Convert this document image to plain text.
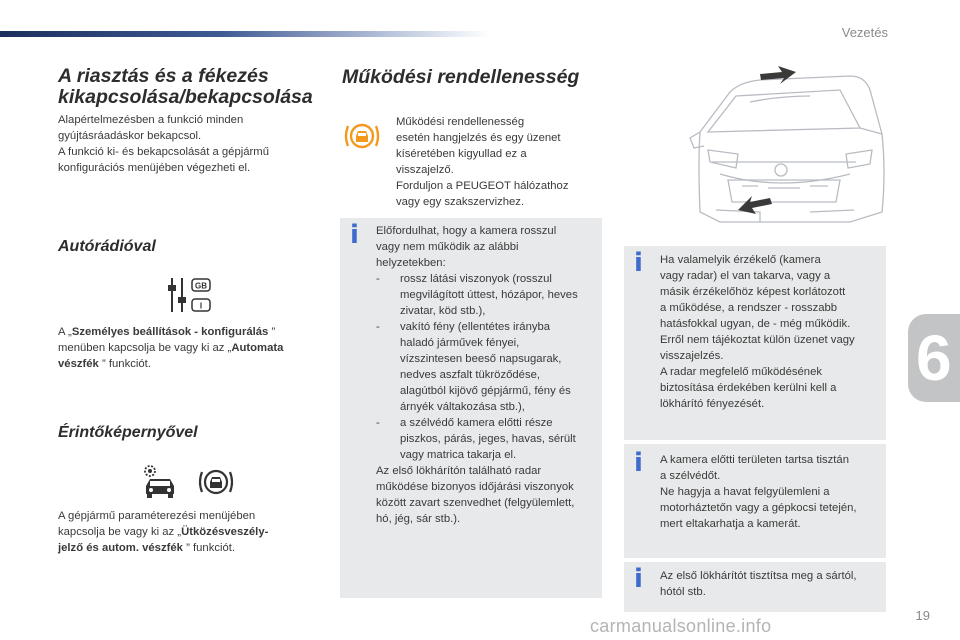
Vezetés
6
A riasztás és a fékezés
kikapcsolása/bekapcsolása

Alapértelmezésben a funkció minden
gyújtásráadáskor bekapcsol.
A funkció ki- és bekapcsolását a gépjármű
konfigurációs menüjében végezheti el.

Autórádióval
GB
I

A „Személyes beállítások - konfigurálás ”
menüben kapcsolja be vagy ki az „Automata
vészfék ” funkciót.

Érintőképernyővel

A gépjármű paraméterezési menüjében
kapcsolja be vagy ki az „Ütközésveszély-
jelző és autom. vészfék ” funkciót.

Működési rendellenesség
Működési rendellenesség
esetén hangjelzés és egy üzenet
kíséretében kigyullad ez a
visszajelző.
Forduljon a PEUGEOT hálózathoz
vagy egy szakszervizhez.
i Előfordulhat, hogy a kamera rosszul
vagy nem működik az alábbi
helyzetekben:
-	rossz látási viszonyok (rosszul
megvilágított úttest, hózápor, heves
zivatar, köd stb.),
-	vakító fény (ellentétes irányba
haladó járművek fényei,
vízszintesen beeső napsugarak,
nedves aszfalt tükröződése,
alagútból kijövő gépjármű, fény és
árnyék váltakozása stb.),
-	a szélvédő kamera előtti része
piszkos, párás, jeges, havas, sérült
vagy matrica takarja el.
Az első lökhárítón található radar
működése bizonyos időjárási viszonyok
között zavart szenvedhet (felgyülemlett,
hó, jég, sár stb.).
i Ha valamelyik érzékelő (kamera
vagy radar) el van takarva, vagy a
másik érzékelőhöz képest korlátozott
a működése, a rendszer - rosszabb
hatásfokkal ugyan, de - még működik.
Erről nem tájékoztat külön üzenet vagy
visszajelzés.
A radar megfelelő működésének
biztosítása érdekében kerülni kell a
lökhárító fényezését.
i A kamera előtti területen tartsa tisztán
a szélvédőt.
Ne hagyja a havat felgyülemleni a
motorháztetőn vagy a gépkocsi tetején,
mert eltakarhatja a kamerát.
i Az első lökhárítót tisztítsa meg a sártól,
hótól stb.
19
carmanualsonline.info
